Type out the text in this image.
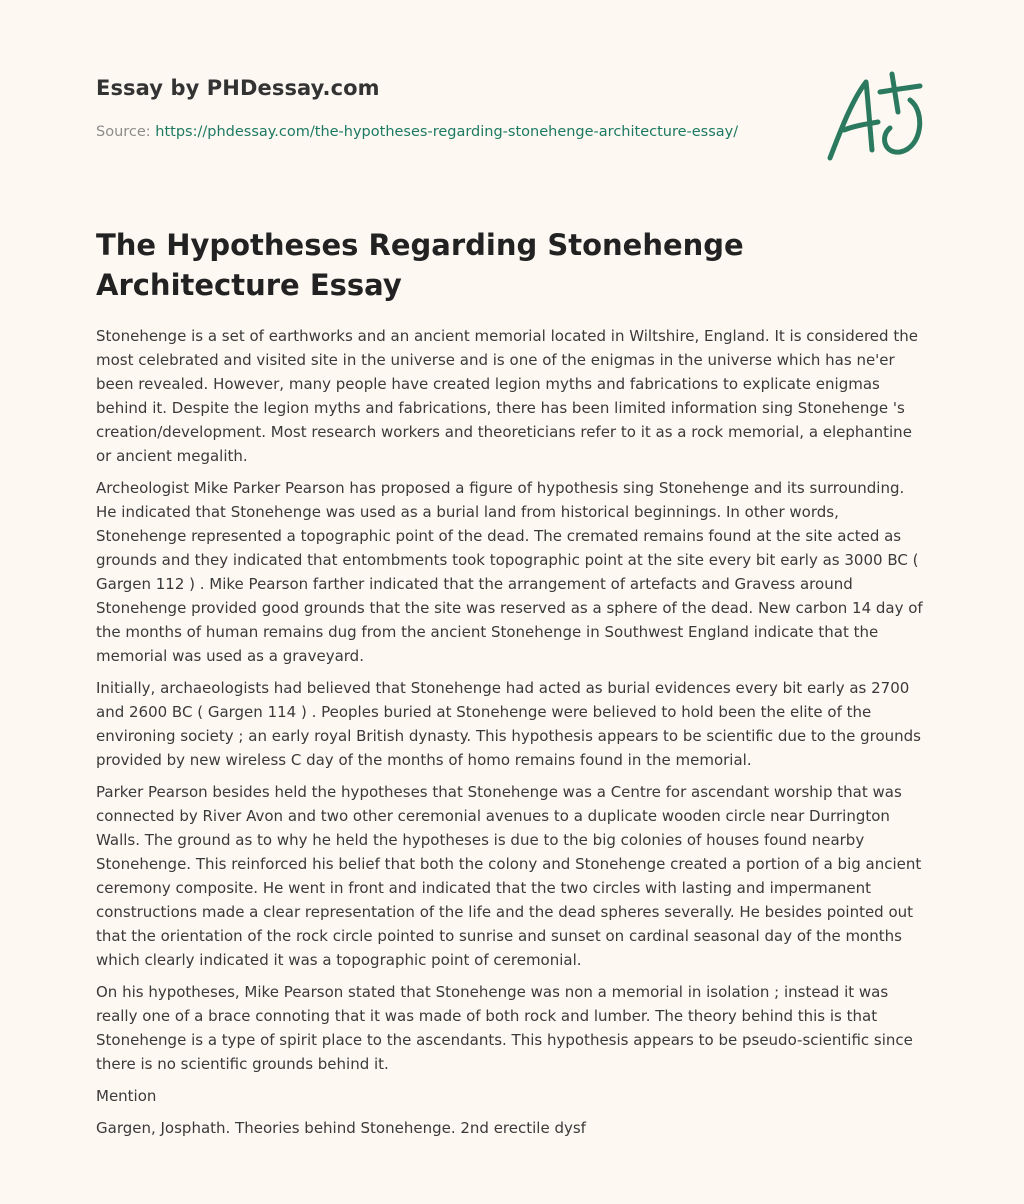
Essay by PHDessay.com
Source: https://phdessay.com/the-hypotheses-regarding-stonehenge-architecture-essay/
The Hypotheses Regarding Stonehenge Architecture Essay

Stonehenge is a set of earthworks and an ancient memorial located in Wiltshire, England. It is considered the most celebrated and visited site in the universe and is one of the enigmas in the universe which has ne'er been revealed. However, many people have created legion myths and fabrications to explicate enigmas behind it. Despite the legion myths and fabrications, there has been limited information sing Stonehenge 's creation/development. Most research workers and theoreticians refer to it as a rock memorial, a elephantine or ancient megalith.

Archeologist Mike Parker Pearson has proposed a figure of hypothesis sing Stonehenge and its surrounding. He indicated that Stonehenge was used as a burial land from historical beginnings. In other words, Stonehenge represented a topographic point of the dead. The cremated remains found at the site acted as grounds and they indicated that entombments took topographic point at the site every bit early as 3000 BC ( Gargen 112 ) . Mike Pearson farther indicated that the arrangement of artefacts and Gravess around Stonehenge provided good grounds that the site was reserved as a sphere of the dead. New carbon 14 day of the months of human remains dug from the ancient Stonehenge in Southwest England indicate that the memorial was used as a graveyard.

Initially, archaeologists had believed that Stonehenge had acted as burial evidences every bit early as 2700 and 2600 BC ( Gargen 114 ) . Peoples buried at Stonehenge were believed to hold been the elite of the environing society ; an early royal British dynasty. This hypothesis appears to be scientific due to the grounds provided by new wireless C day of the months of homo remains found in the memorial.

Parker Pearson besides held the hypotheses that Stonehenge was a Centre for ascendant worship that was connected by River Avon and two other ceremonial avenues to a duplicate wooden circle near Durrington Walls. The ground as to why he held the hypotheses is due to the big colonies of houses found nearby Stonehenge. This reinforced his belief that both the colony and Stonehenge created a portion of a big ancient ceremony composite. He went in front and indicated that the two circles with lasting and impermanent constructions made a clear representation of the life and the dead spheres severally. He besides pointed out that the orientation of the rock circle pointed to sunrise and sunset on cardinal seasonal day of the months which clearly indicated it was a topographic point of ceremonial.

On his hypotheses, Mike Pearson stated that Stonehenge was non a memorial in isolation ; instead it was really one of a brace connoting that it was made of both rock and lumber. The theory behind this is that Stonehenge is a type of spirit place to the ascendants. This hypothesis appears to be pseudo-scientific since there is no scientific grounds behind it.

Mention

Gargen, Josphath. Theories behind Stonehenge. 2nd erectile dysf
